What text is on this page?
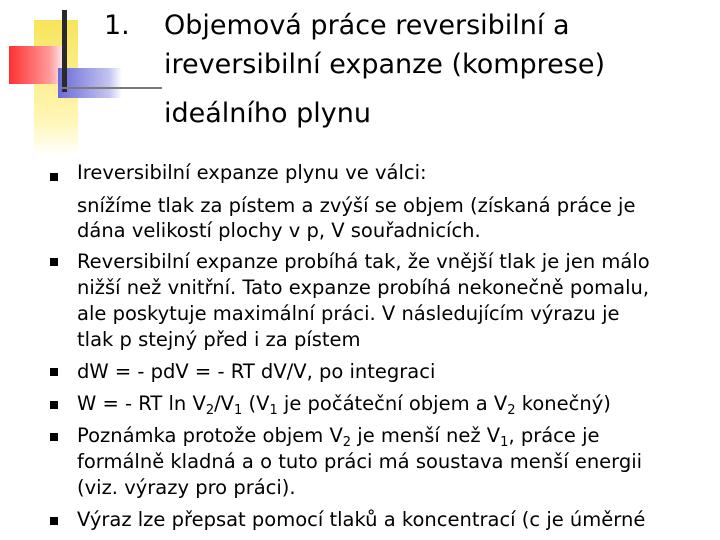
1. Objemová práce reversibilní a
ireversibilní expanze (komprese)
ideálního plynu
Ireversibilní expanze plynu ve válci:
snížíme tlak za pístem a zvýší se objem (získaná práce je
dána velikostí plochy v p, V souřadnicích.
Reversibilní expanze probíhá tak, že vnější tlak je jen málo
nižší než vnitřní. Tato expanze probíhá nekonečně pomalu,
ale poskytuje maximální práci. V následujícím výrazu je
tlak p stejný před i za pístem
dW = - pdV = - RT dV/V, po integraci
W = - RT $\ln V_2/V_1$ ($V_1$ je počáteční objem a $V_2$ konečný)
Poznámka protože objem $V_2$ je menší než $V_1$, práce je
formálně kladná a o tuto práci má soustava menší energii
(viz. výrazy pro práci).
Výraz lze přepsat pomocí tlaků a koncentrací (c je úměrné
